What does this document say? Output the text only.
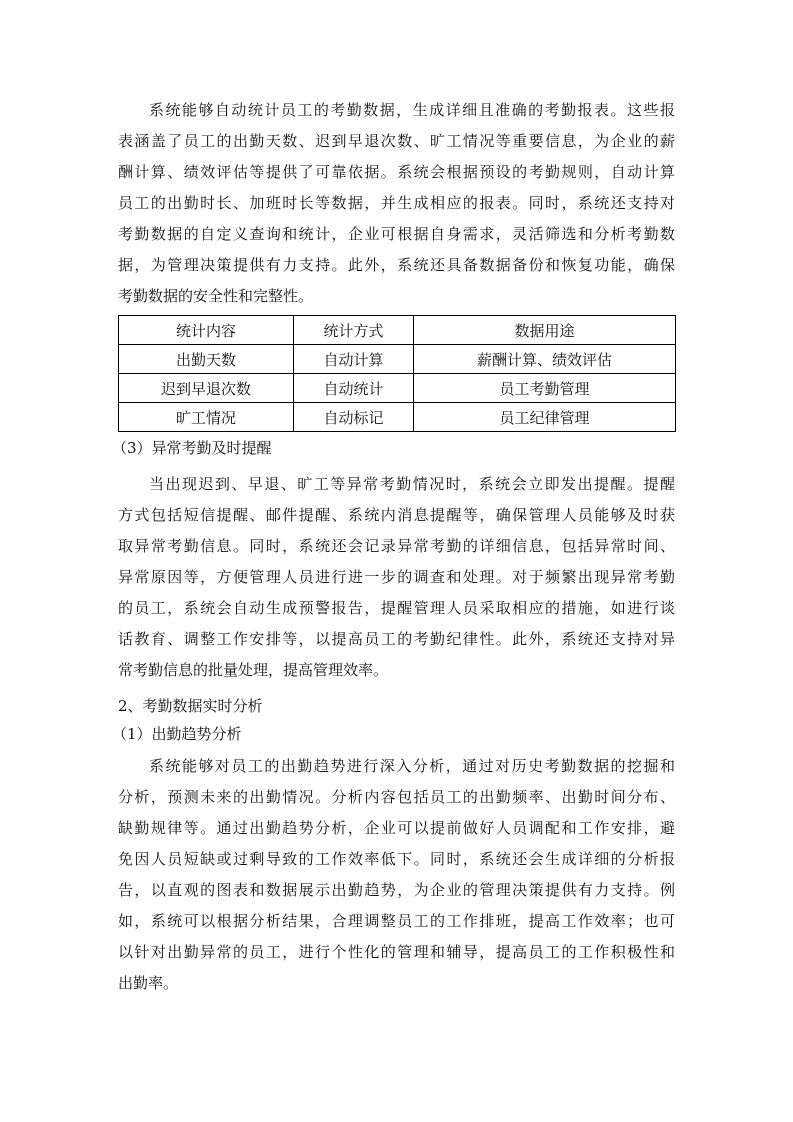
系统能够自动统计员工的考勤数据，生成详细且准确的考勤报表。这些报
表涵盖了员工的出勤天数、迟到早退次数、旷工情况等重要信息，为企业的薪
酬计算、绩效评估等提供了可靠依据。系统会根据预设的考勤规则，自动计算
员工的出勤时长、加班时长等数据，并生成相应的报表。同时，系统还支持对
考勤数据的自定义查询和统计，企业可根据自身需求，灵活筛选和分析考勤数
据，为管理决策提供有力支持。此外，系统还具备数据备份和恢复功能，确保
考勤数据的安全性和完整性。
统计内容	统计方式	数据用途
出勤天数	自动计算	薪酬计算、绩效评估
迟到早退次数	自动统计	员工考勤管理
旷工情况	自动标记	员工纪律管理
（3）异常考勤及时提醒
当出现迟到、早退、旷工等异常考勤情况时，系统会立即发出提醒。提醒
方式包括短信提醒、邮件提醒、系统内消息提醒等，确保管理人员能够及时获
取异常考勤信息。同时，系统还会记录异常考勤的详细信息，包括异常时间、
异常原因等，方便管理人员进行进一步的调查和处理。对于频繁出现异常考勤
的员工，系统会自动生成预警报告，提醒管理人员采取相应的措施，如进行谈
话教育、调整工作安排等，以提高员工的考勤纪律性。此外，系统还支持对异
常考勤信息的批量处理，提高管理效率。
2、考勤数据实时分析
（1）出勤趋势分析
系统能够对员工的出勤趋势进行深入分析，通过对历史考勤数据的挖掘和
分析，预测未来的出勤情况。分析内容包括员工的出勤频率、出勤时间分布、
缺勤规律等。通过出勤趋势分析，企业可以提前做好人员调配和工作安排，避
免因人员短缺或过剩导致的工作效率低下。同时，系统还会生成详细的分析报
告，以直观的图表和数据展示出勤趋势，为企业的管理决策提供有力支持。例
如，系统可以根据分析结果，合理调整员工的工作排班，提高工作效率；也可
以针对出勤异常的员工，进行个性化的管理和辅导，提高员工的工作积极性和
出勤率。
